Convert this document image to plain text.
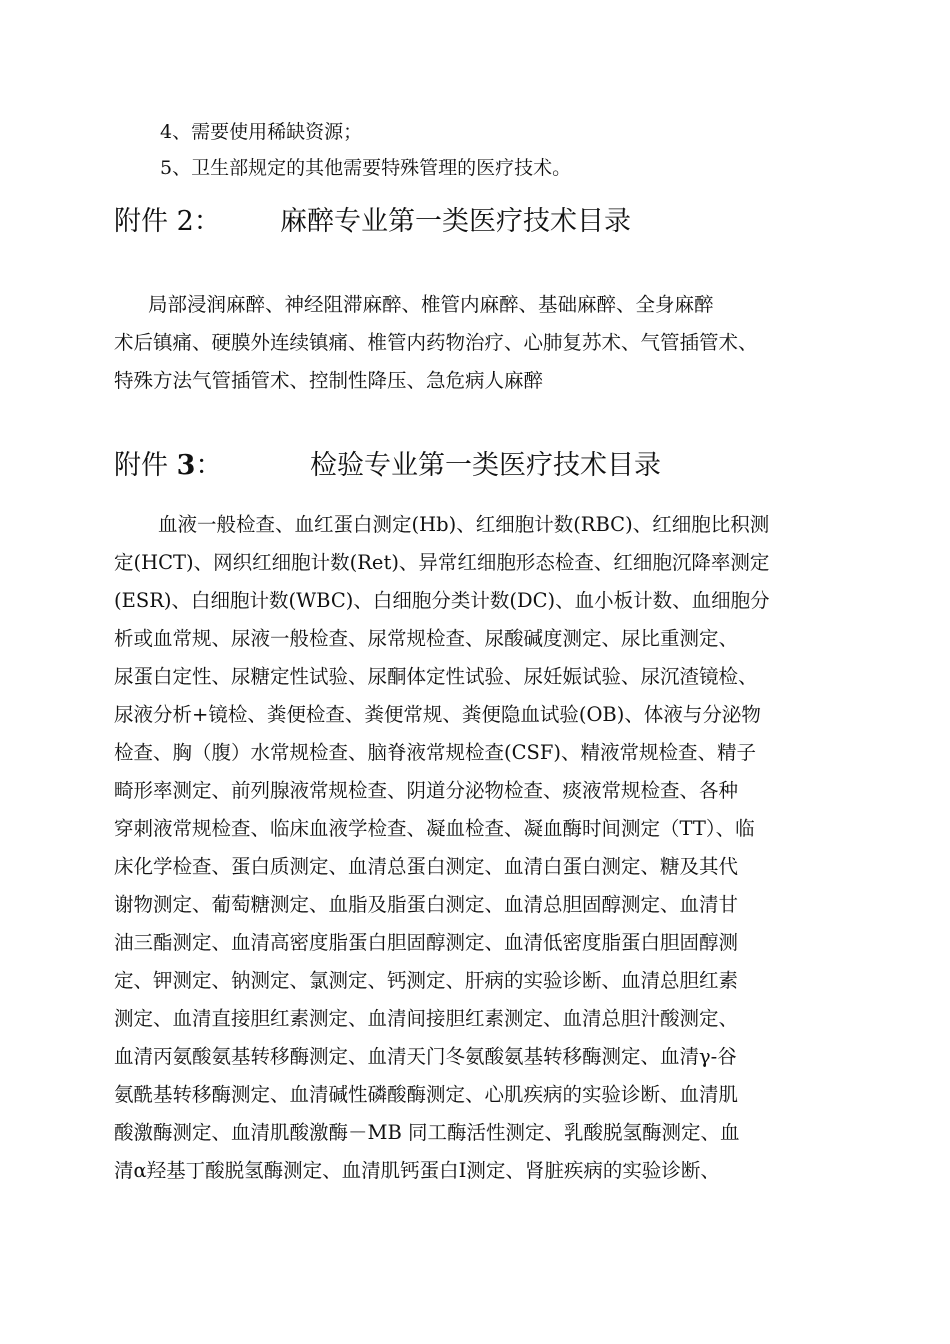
4、需要使用稀缺资源；
5、卫生部规定的其他需要特殊管理的医疗技术。
附件 2： 麻醉专业第一类医疗技术目录
局部浸润麻醉、神经阻滞麻醉、椎管内麻醉、基础麻醉、全身麻醉
术后镇痛、硬膜外连续镇痛、椎管内药物治疗、心肺复苏术、气管插管术、
特殊方法气管插管术、控制性降压、急危病人麻醉
附件 3：	检验专业第一类医疗技术目录
血液一般检查、血红蛋白测定(Hb)、红细胞计数(RBC)、红细胞比积测
定(HCT)、网织红细胞计数(Ret)、异常红细胞形态检查、红细胞沉降率测定
(ESR)、白细胞计数(WBC)、白细胞分类计数(DC)、血小板计数、血细胞分
析或血常规、尿液一般检查、尿常规检查、尿酸碱度测定、尿比重测定、
尿蛋白定性、尿糖定性试验、尿酮体定性试验、尿妊娠试验、尿沉渣镜检、
尿液分析+镜检、粪便检查、粪便常规、粪便隐血试验(OB)、体液与分泌物
检查、胸（腹）水常规检查、脑脊液常规检查(CSF)、精液常规检查、精子
畸形率测定、前列腺液常规检查、阴道分泌物检查、痰液常规检查、各种
穿刺液常规检查、临床血液学检查、凝血检查、凝血酶时间测定（TT）、临
床化学检查、蛋白质测定、血清总蛋白测定、血清白蛋白测定、糖及其代
谢物测定、葡萄糖测定、血脂及脂蛋白测定、血清总胆固醇测定、血清甘
油三酯测定、血清高密度脂蛋白胆固醇测定、血清低密度脂蛋白胆固醇测
定、钾测定、钠测定、氯测定、钙测定、肝病的实验诊断、血清总胆红素
测定、血清直接胆红素测定、血清间接胆红素测定、血清总胆汁酸测定、
血清丙氨酸氨基转移酶测定、血清天门冬氨酸氨基转移酶测定、血清γ-谷
氨酰基转移酶测定、血清碱性磷酸酶测定、心肌疾病的实验诊断、血清肌
酸激酶测定、血清肌酸激酶－MB 同工酶活性测定、乳酸脱氢酶测定、血
清α羟基丁酸脱氢酶测定、血清肌钙蛋白Ⅰ测定、肾脏疾病的实验诊断、
